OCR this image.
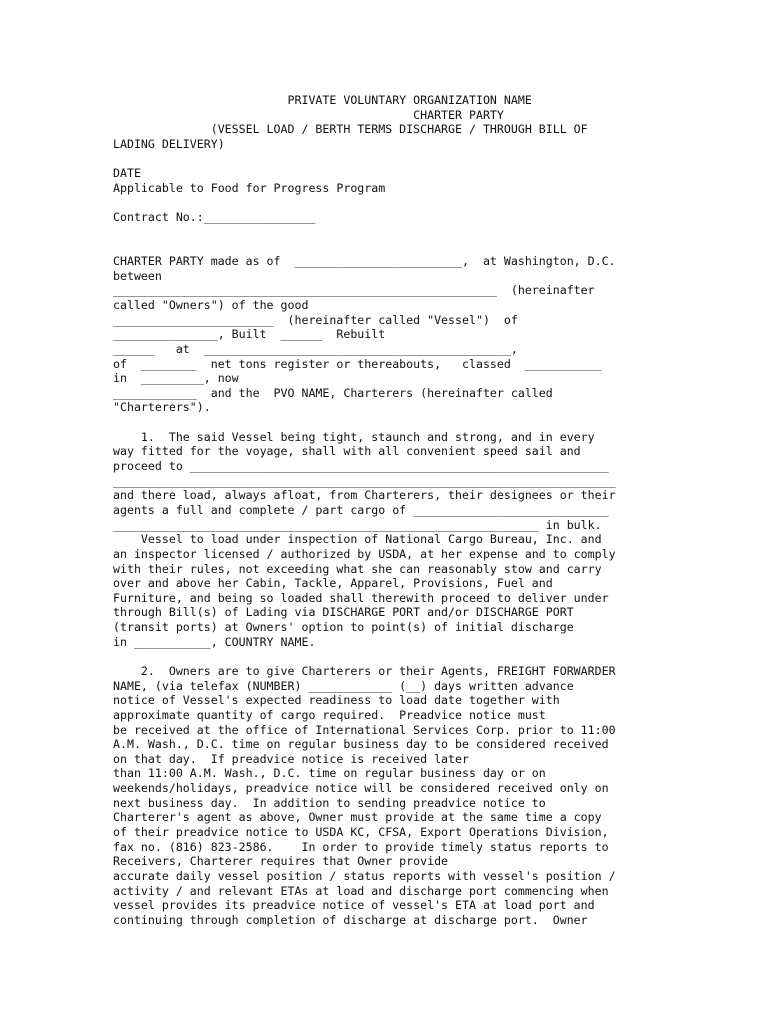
PRIVATE VOLUNTARY ORGANIZATION NAME
CHARTER PARTY
(VESSEL LOAD / BERTH TERMS DISCHARGE / THROUGH BILL OF
LADING DELIVERY)
DATE
Applicable to Food for Progress Program
Contract No.:________________
CHARTER PARTY made as of  ________________________,  at Washington, D.C.
between
_______________________________________________________  (hereinafter
called "Owners") of the good
_______________________  (hereinafter called "Vessel")  of
_______________, Built  ______  Rebuilt
______   at  ____________________________________________,
of  ________  net tons register or thereabouts,   classed  ___________
in  _________, now
____________  and the  PVO NAME, Charterers (hereinafter called
"Charterers").
1.  The said Vessel being tight, staunch and strong, and in every
way fitted for the voyage, shall with all convenient speed sail and
proceed to ____________________________________________________________
________________________________________________________________________
and there load, always afloat, from Charterers, their designees or their
agents a full and complete / part cargo of ____________________________
_____________________________________________________________ in bulk.
Vessel to load under inspection of National Cargo Bureau, Inc. and
an inspector licensed / authorized by USDA, at her expense and to comply
with their rules, not exceeding what she can reasonably stow and carry
over and above her Cabin, Tackle, Apparel, Provisions, Fuel and
Furniture, and being so loaded shall therewith proceed to deliver under
through Bill(s) of Lading via DISCHARGE PORT and/or DISCHARGE PORT
(transit ports) at Owners' option to point(s) of initial discharge
in ___________, COUNTRY NAME.
2.  Owners are to give Charterers or their Agents, FREIGHT FORWARDER
NAME, (via telefax (NUMBER) ____________ (__) days written advance
notice of Vessel's expected readiness to load date together with
approximate quantity of cargo required.  Preadvice notice must
be received at the office of International Services Corp. prior to 11:00
A.M. Wash., D.C. time on regular business day to be considered received
on that day.  If preadvice notice is received later
than 11:00 A.M. Wash., D.C. time on regular business day or on
weekends/holidays, preadvice notice will be considered received only on
next business day.  In addition to sending preadvice notice to
Charterer's agent as above, Owner must provide at the same time a copy
of their preadvice notice to USDA KC, CFSA, Export Operations Division,
fax no. (816) 823-2586.    In order to provide timely status reports to
Receivers, Charterer requires that Owner provide
accurate daily vessel position / status reports with vessel's position /
activity / and relevant ETAs at load and discharge port commencing when
vessel provides its preadvice notice of vessel's ETA at load port and
continuing through completion of discharge at discharge port.  Owner
